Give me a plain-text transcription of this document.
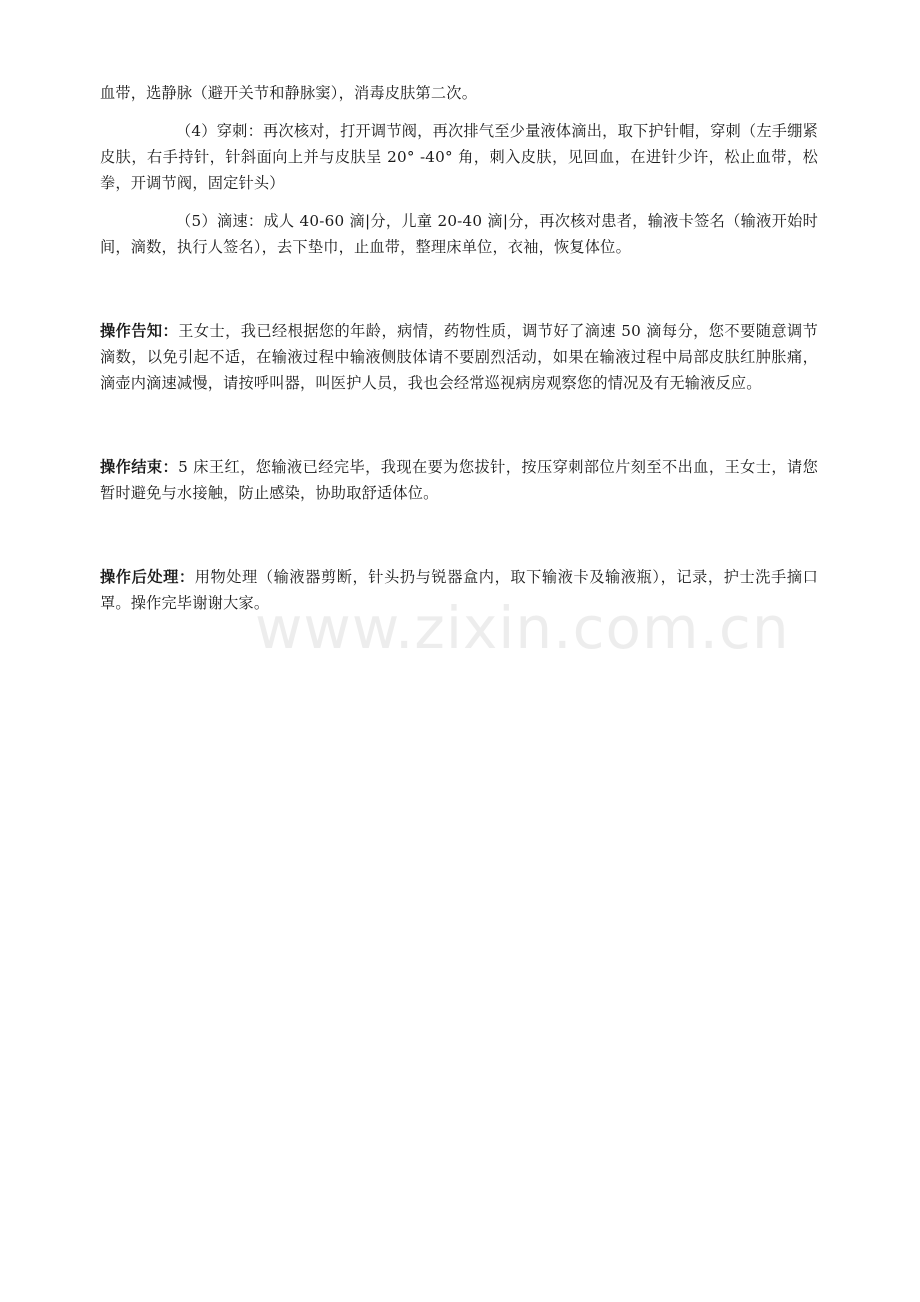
血带，选静脉（避开关节和静脉窦），消毒皮肤第二次。

（4）穿刺：再次核对，打开调节阀，再次排气至少量液体滴出，取下护针帽，穿刺（左手绷紧皮肤，右手持针，针斜面向上并与皮肤呈 20° -40° 角，刺入皮肤，见回血，在进针少许，松止血带，松拳，开调节阀，固定针头）

（5）滴速：成人 40-60 滴|分，儿童 20-40 滴|分，再次核对患者，输液卡签名（输液开始时间，滴数，执行人签名），去下垫巾，止血带，整理床单位，衣袖，恢复体位。

操作告知：王女士，我已经根据您的年龄，病情，药物性质，调节好了滴速 50 滴每分，您不要随意调节滴数，以免引起不适，在输液过程中输液侧肢体请不要剧烈活动，如果在输液过程中局部皮肤红肿胀痛，滴壶内滴速减慢，请按呼叫器，叫医护人员，我也会经常巡视病房观察您的情况及有无输液反应。

操作结束：5 床王红，您输液已经完毕，我现在要为您拔针，按压穿刺部位片刻至不出血，王女士，请您暂时避免与水接触，防止感染，协助取舒适体位。

操作后处理：用物处理（输液器剪断，针头扔与锐器盒内，取下输液卡及输液瓶），记录，护士洗手摘口罩。操作完毕谢谢大家。

www.zixin.com.cn
